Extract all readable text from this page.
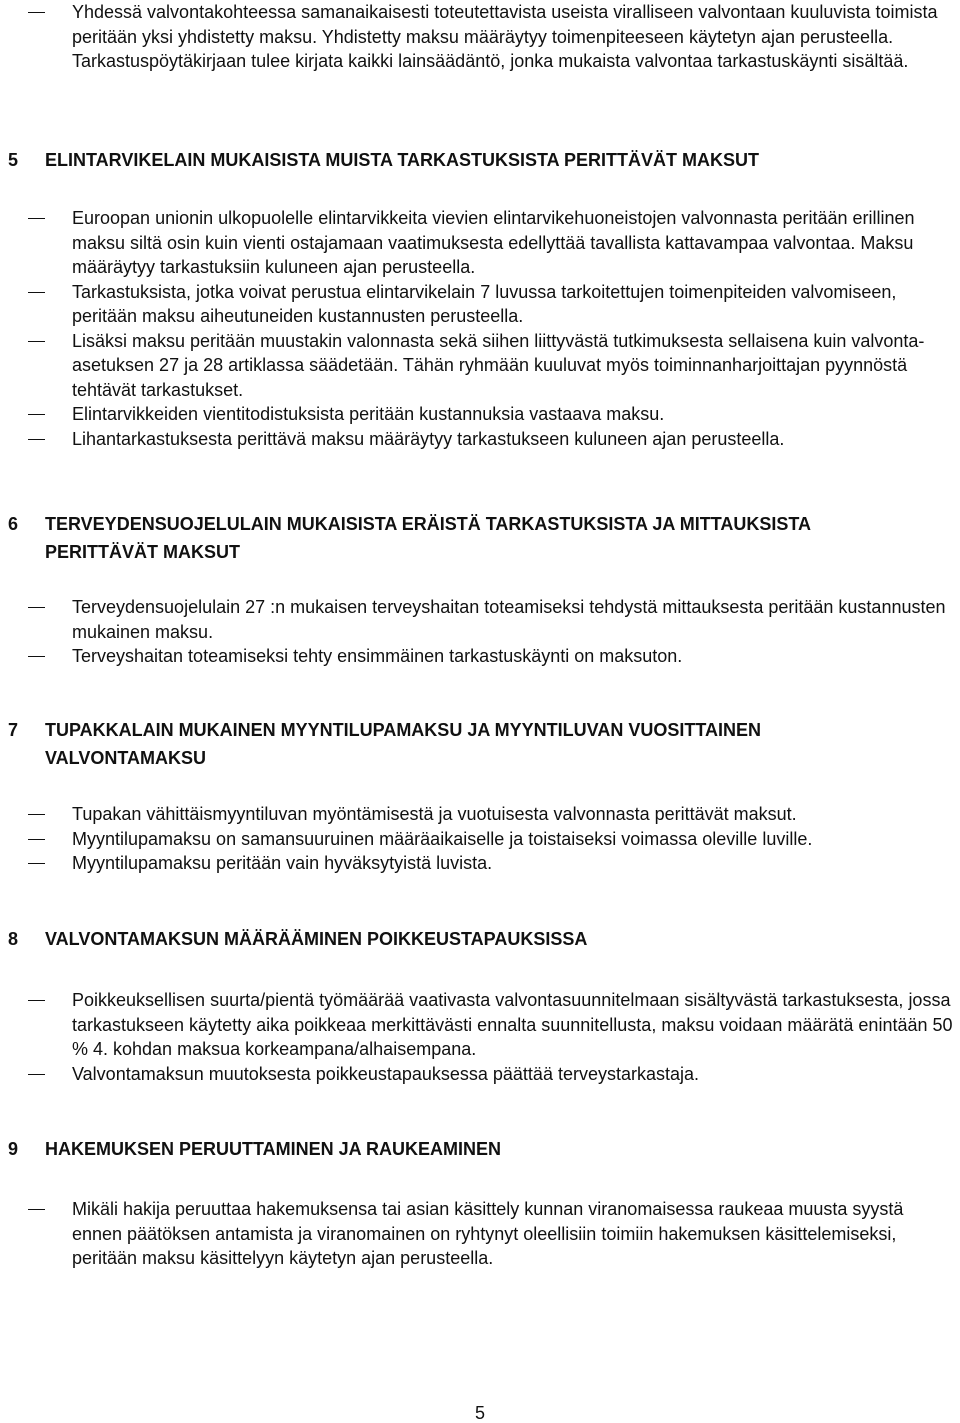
Yhdessä valvontakohteessa samanaikaisesti toteutettavista useista viralliseen valvontaan kuuluvista toimista peritään yksi yhdistetty maksu. Yhdistetty maksu määräytyy toimenpiteeseen käytetyn ajan perusteella. Tarkastuspöytäkirjaan tulee kirjata kaikki lainsäädäntö, jonka mukaista valvontaa tarkastuskäynti sisältää.
5 ELINTARVIKELAIN MUKAISISTA MUISTA TARKASTUKSISTA PERITTÄVÄT MAKSUT
Euroopan unionin ulkopuolelle elintarvikkeita vievien elintarvikehuoneistojen valvonnasta peritään erillinen maksu siltä osin kuin vienti ostajamaan vaatimuksesta edellyttää tavallista kattavampaa valvontaa. Maksu määräytyy tarkastuksiin kuluneen ajan perusteella.
Tarkastuksista, jotka voivat perustua elintarvikelain 7 luvussa tarkoitettujen toimenpiteiden valvomiseen, peritään maksu aiheutuneiden kustannusten perusteella.
Lisäksi maksu peritään muustakin valonnasta sekä siihen liittyvästä tutkimuksesta sellaisena kuin valvonta-asetuksen 27 ja 28 artiklassa säädetään. Tähän ryhmään kuuluvat myös toiminnanharjoittajan pyynnöstä tehtävät tarkastukset.
Elintarvikkeiden vientitodistuksista peritään kustannuksia vastaava maksu.
Lihantarkastuksesta perittävä maksu määräytyy tarkastukseen kuluneen ajan perusteella.
6 TERVEYDENSUOJELULAIN MUKAISISTA ERÄISTÄ TARKASTUKSISTA JA MITTAUKSISTA PERITTÄVÄT MAKSUT
Terveydensuojelulain 27 :n mukaisen terveyshaitan toteamiseksi tehdystä mittauksesta peritään kustannusten mukainen maksu.
Terveyshaitan toteamiseksi tehty ensimmäinen tarkastuskäynti on maksuton.
7 TUPAKKALAIN MUKAINEN MYYNTILUPAMAKSU JA MYYNTILUVAN VUOSITTAINEN VALVONTAMAKSU
Tupakan vähittäismyyntiluvan myöntämisestä ja vuotuisesta valvonnasta perittävät maksut.
Myyntilupamaksu on samansuuruinen määräaikaiselle ja toistaiseksi voimassa oleville luville.
Myyntilupamaksu peritään vain hyväksytyistä luvista.
8 VALVONTAMAKSUN MÄÄRÄÄMINEN POIKKEUSTAPAUKSISSA
Poikkeuksellisen suurta/pientä työmäärää vaativasta valvontasuunnitelmaan sisältyvästä tarkastuksesta, jossa tarkastukseen käytetty aika poikkeaa merkittävästi ennalta suunnitellusta, maksu voidaan määrätä enintään 50 % 4. kohdan maksua korkeampana/alhaisempana.
Valvontamaksun muutoksesta poikkeustapauksessa päättää terveystarkastaja.
9 HAKEMUKSEN PERUUTTAMINEN JA RAUKEAMINEN
Mikäli hakija peruuttaa hakemuksensa tai asian käsittely kunnan viranomaisessa raukeaa muusta syystä ennen päätöksen antamista ja viranomainen on ryhtynyt oleellisiin toimiin hakemuksen käsittelemiseksi, peritään maksu käsittelyyn käytetyn ajan perusteella.
5
